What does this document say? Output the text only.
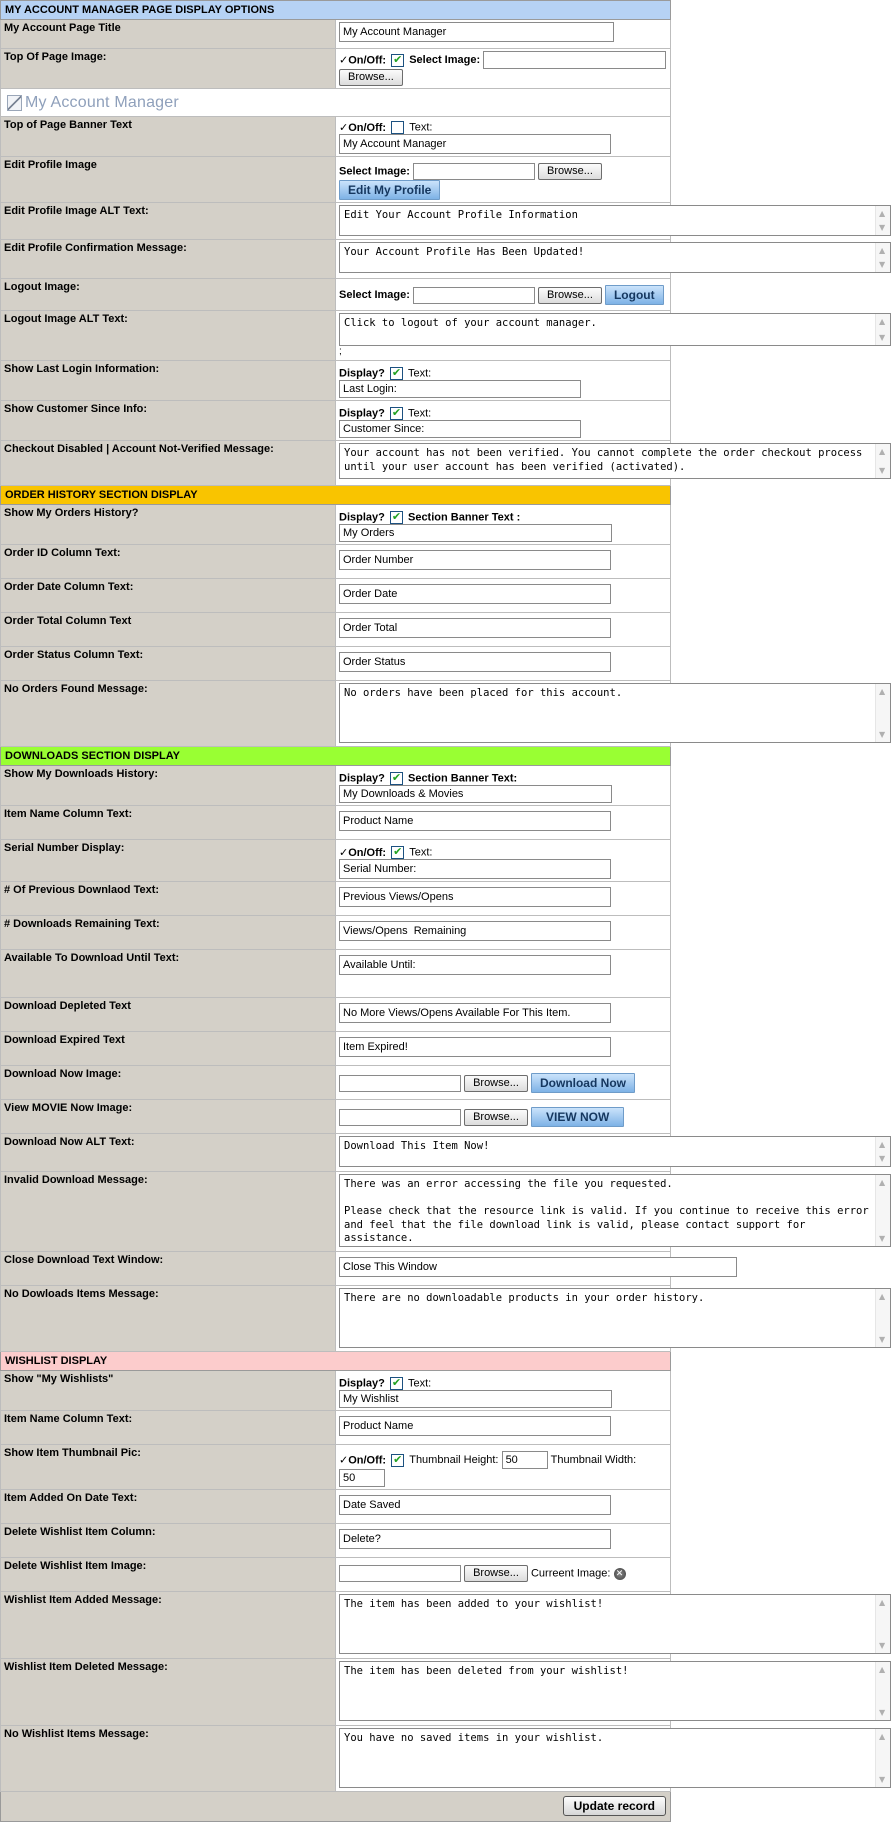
MY ACCOUNT MANAGER PAGE DISPLAY OPTIONS	
My Account Page Title	My Account Manager
Top Of Page Image:	✓On/Off: ✔ Select Image:  Browse...

My Account Manager	

Top of Page Banner Text	✓On/Off: Text: My Account Manager
Edit Profile Image	Select Image: Browse... Edit My Profile
Edit Profile Image ALT Text:	Edit Your Account Profile Information
▲  ▼

Edit Profile Confirmation Message:	Your Account Profile Has Been Updated!
▲  ▼

Logout Image:	Select Image: Browse... Logout
Logout Image ALT Text:	Click to logout of your account manager.
▲  ▼
;

Show Last Login Information:	Display? ✔ Text: Last Login:
Show Customer Since Info:	Display? ✔ Text: Customer Since:
Checkout Disabled | Account Not-Verified Message:	Your account has not been verified. You cannot complete the order checkout process until your user account has been verified (activated).
▲  ▼

ORDER HISTORY SECTION DISPLAY	
Show My Orders History?	Display? ✔ Section Banner Text : My Orders
Order ID Column Text:	Order Number
Order Date Column Text:	Order Date
Order Total Column Text	Order Total
Order Status Column Text:	Order Status
No Orders Found Message:	No orders have been placed for this account.
▲  ▼

DOWNLOADS SECTION DISPLAY	
Show My Downloads History:	Display? ✔ Section Banner Text: My Downloads & Movies
Item Name Column Text:	Product Name
Serial Number Display:	✓On/Off: ✔ Text: Serial Number:
# Of Previous Downlaod Text:	Previous Views/Opens
# Downloads Remaining Text:	Views/Opens Remaining
Available To Download Until Text:	Available Until:
Download Depleted Text	No More Views/Opens Available For This Item.
Download Expired Text	Item Expired!
Download Now Image:	Browse... Download Now
View MOVIE Now Image:	Browse... VIEW NOW
Download Now ALT Text:	Download This Item Now!
▲  ▼

Invalid Download Message:	There was an error accessing the file you requested.

Please check that the resource link is valid. If you continue to receive this error and feel that the file download link is valid, please contact support for assistance.
▲  ▼

Close Download Text Window:	Close This Window
No Dowloads Items Message:	There are no downloadable products in your order history.
▲  ▼

WISHLIST DISPLAY	
Show "My Wishlists"	Display? ✔ Text: My Wishlist
Item Name Column Text:	Product Name
Show Item Thumbnail Pic:	✓On/Off: ✔ Thumbnail Height: 50 Thumbnail Width: 50
Item Added On Date Text:	Date Saved
Delete Wishlist Item Column:	Delete?
Delete Wishlist Item Image:	Browse... Curreent Image: ✕
Wishlist Item Added Message:	The item has been added to your wishlist!
▲  ▼

Wishlist Item Deleted Message:	The item has been deleted from your wishlist!
▲  ▼

No Wishlist Items Message:	You have no saved items in your wishlist.
▲  ▼
Update record
